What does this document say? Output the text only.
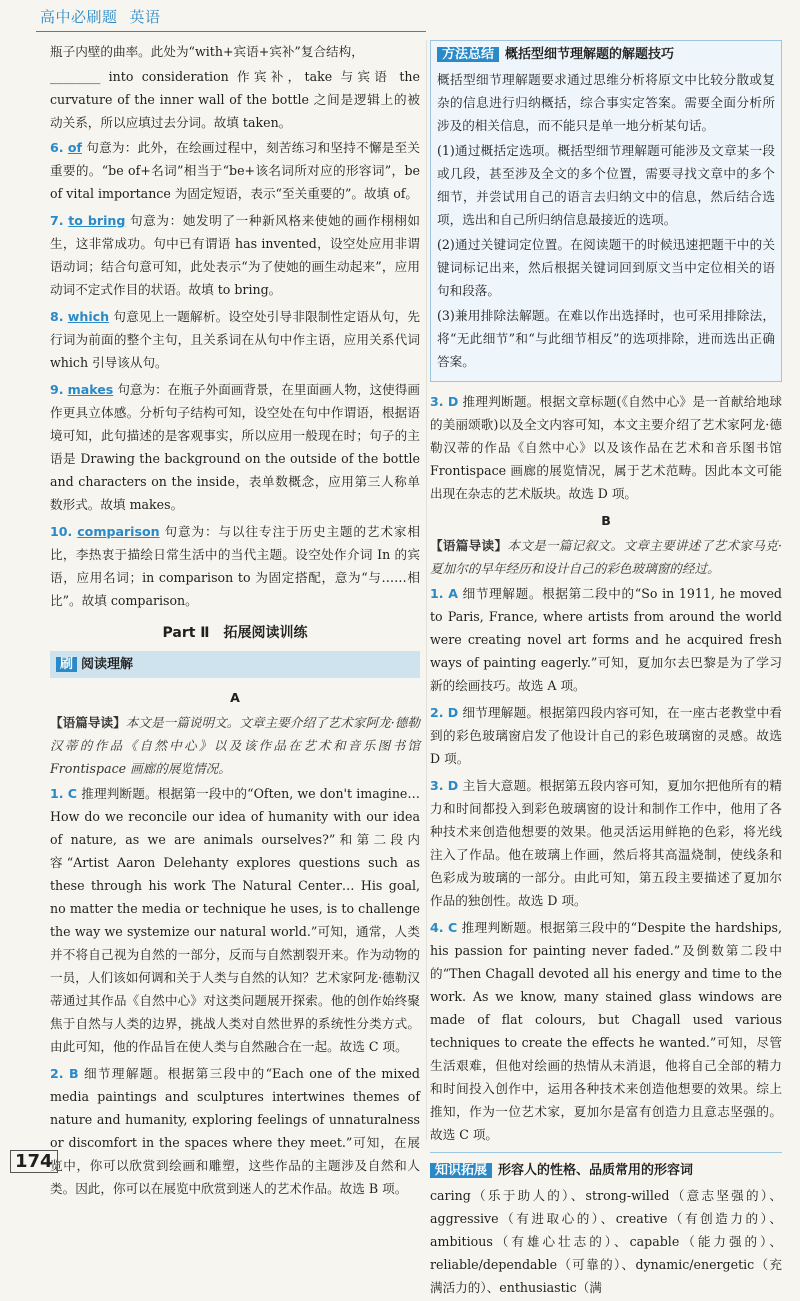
高中必刷题 英语

瓶子内壁的曲率。此处为“with+宾语+宾补”复合结构，

________ into consideration 作宾补，take 与宾语 the curvature of the inner wall of the bottle 之间是逻辑上的被动关系，所以应填过去分词。故填 taken。

6. of 句意为：此外，在绘画过程中，刻苦练习和坚持不懈是至关重要的。“be of+名词”相当于“be+该名词所对应的形容词”，be of vital importance 为固定短语，表示“至关重要的”。故填 of。
7. to bring 句意为：她发明了一种新风格来使她的画作栩栩如生，这非常成功。句中已有谓语 has invented，设空处应用非谓语动词；结合句意可知，此处表示“为了使她的画生动起来”，应用动词不定式作目的状语。故填 to bring。
8. which 句意见上一题解析。设空处引导非限制性定语从句，先行词为前面的整个主句，且关系词在从句中作主语，应用关系代词 which 引导该从句。
9. makes 句意为：在瓶子外面画背景，在里面画人物，这使得画作更具立体感。分析句子结构可知，设空处在句中作谓语，根据语境可知，此句描述的是客观事实，所以应用一般现在时；句子的主语是 Drawing the background on the outside of the bottle and characters on the inside，表单数概念，应用第三人称单数形式。故填 makes。
10. comparison 句意为：与以往专注于历史主题的艺术家相比，李热衷于描绘日常生活中的当代主题。设空处作介词 In 的宾语，应用名词；in comparison to 为固定搭配，意为“与……相比”。故填 comparison。
Part Ⅱ　拓展阅读训练
刷 阅读理解
A

【语篇导读】本文是一篇说明文。文章主要介绍了艺术家阿龙·德勒汉蒂的作品《自然中心》以及该作品在艺术和音乐图书馆 Frontispace 画廊的展览情况。

1. C 推理判断题。根据第一段中的“Often, we don't imagine… How do we reconcile our idea of humanity with our idea of nature, as we are animals ourselves?”和第二段内容“Artist Aaron Delehanty explores questions such as these through his work The Natural Center… His goal, no matter the media or technique he uses, is to challenge the way we systemize our natural world.”可知，通常，人类并不将自己视为自然的一部分，反而与自然割裂开来。作为动物的一员，人们该如何调和关于人类与自然的认知？艺术家阿龙·德勒汉蒂通过其作品《自然中心》对这类问题展开探索。他的创作始终聚焦于自然与人类的边界，挑战人类对自然世界的系统性分类方式。由此可知，他的作品旨在使人类与自然融合在一起。故选 C 项。
2. B 细节理解题。根据第三段中的“Each one of the mixed media paintings and sculptures intertwines themes of nature and humanity, exploring feelings of unnaturalness or discomfort in the spaces where they meet.”可知，在展览中，你可以欣赏到绘画和雕塑，这些作品的主题涉及自然和人类。因此，你可以在展览中欣赏到迷人的艺术作品。故选 B 项。
方法总结 概括型细节理解题的解题技巧

概括型细节理解题要求通过思维分析将原文中比较分散或复杂的信息进行归纳概括，综合事实定答案。需要全面分析所涉及的相关信息，而不能只是单一地分析某句话。

(1)通过概括定选项。概括型细节理解题可能涉及文章某一段或几段，甚至涉及全文的多个位置，需要寻找文章中的多个细节，并尝试用自己的语言去归纳文中的信息，然后结合选项，选出和自己所归纳信息最接近的选项。

(2)通过关键词定位置。在阅读题干的时候迅速把题干中的关键词标记出来，然后根据关键词回到原文当中定位相关的语句和段落。

(3)兼用排除法解题。在难以作出选择时，也可采用排除法，将“无此细节”和“与此细节相反”的选项排除，进而选出正确答案。

3. D 推理判断题。根据文章标题(《自然中心》是一首献给地球的美丽颂歌)以及全文内容可知，本文主要介绍了艺术家阿龙·德勒汉蒂的作品《自然中心》以及该作品在艺术和音乐图书馆 Frontispace 画廊的展览情况，属于艺术范畴。因此本文可能出现在杂志的艺术版块。故选 D 项。
B

【语篇导读】本文是一篇记叙文。文章主要讲述了艺术家马克·夏加尔的早年经历和设计自己的彩色玻璃窗的经过。

1. A 细节理解题。根据第二段中的“So in 1911, he moved to Paris, France, where artists from around the world were creating novel art forms and he acquired fresh ways of painting eagerly.”可知，夏加尔去巴黎是为了学习新的绘画技巧。故选 A 项。
2. D 细节理解题。根据第四段内容可知，在一座古老教堂中看到的彩色玻璃窗启发了他设计自己的彩色玻璃窗的灵感。故选 D 项。
3. D 主旨大意题。根据第五段内容可知，夏加尔把他所有的精力和时间都投入到彩色玻璃窗的设计和制作工作中，他用了各种技术来创造他想要的效果。他灵活运用鲜艳的色彩，将光线注入了作品。他在玻璃上作画，然后将其高温烧制，使线条和色彩成为玻璃的一部分。由此可知，第五段主要描述了夏加尔作品的独创性。故选 D 项。
4. C 推理判断题。根据第三段中的“Despite the hardships, his passion for painting never faded.”及倒数第二段中的“Then Chagall devoted all his energy and time to the work. As we know, many stained glass windows are made of flat colours, but Chagall used various techniques to create the effects he wanted.”可知，尽管生活艰难，但他对绘画的热情从未消退，他将自己全部的精力和时间投入创作中，运用各种技术来创造他想要的效果。综上推知，作为一位艺术家，夏加尔是富有创造力且意志坚强的。故选 C 项。
知识拓展 形容人的性格、品质常用的形容词

caring（乐于助人的）、strong-willed（意志坚强的）、aggressive（有进取心的）、creative（有创造力的）、ambitious（有雄心壮志的）、capable（能力强的）、reliable/dependable（可靠的）、dynamic/energetic（充满活力的）、enthusiastic（满

174
